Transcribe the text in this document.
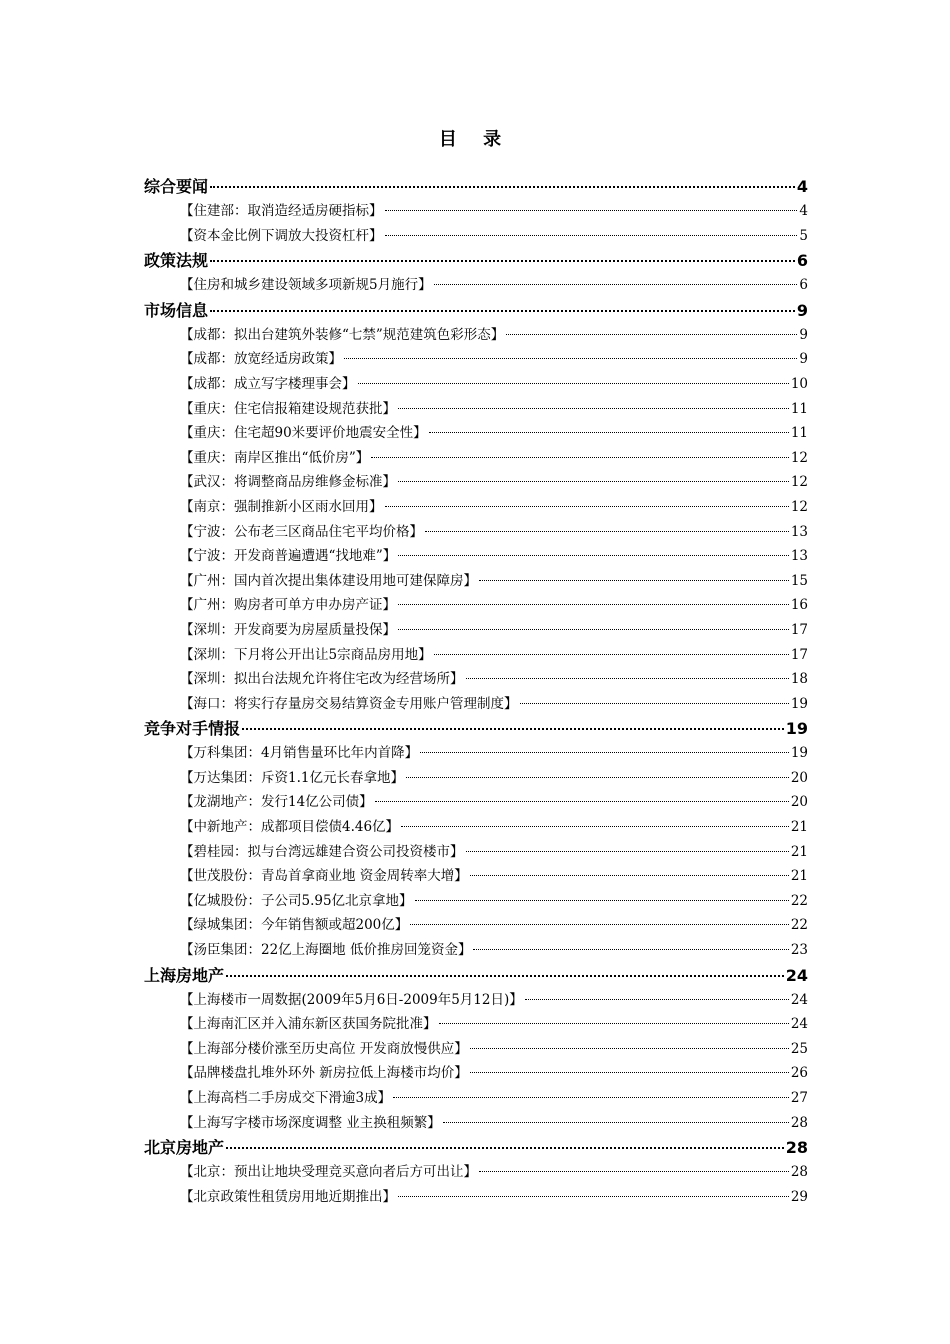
目 录
综合要闻	4
【住建部：取消造经适房硬指标】	4
【资本金比例下调放大投资杠杆】	5
政策法规	6
【住房和城乡建设领域多项新规5月施行】	6
市场信息	9
【成都：拟出台建筑外装修“七禁”规范建筑色彩形态】	9
【成都：放宽经适房政策】	9
【成都：成立写字楼理事会】	10
【重庆：住宅信报箱建设规范获批】	11
【重庆：住宅超90米要评价地震安全性】	11
【重庆：南岸区推出“低价房”】	12
【武汉：将调整商品房维修金标准】	12
【南京：强制推新小区雨水回用】	12
【宁波：公布老三区商品住宅平均价格】	13
【宁波：开发商普遍遭遇“找地难”】	13
【广州：国内首次提出集体建设用地可建保障房】	15
【广州：购房者可单方申办房产证】	16
【深圳：开发商要为房屋质量投保】	17
【深圳：下月将公开出让5宗商品房用地】	17
【深圳：拟出台法规允许将住宅改为经营场所】	18
【海口：将实行存量房交易结算资金专用账户管理制度】	19
竞争对手情报	19
【万科集团：4月销售量环比年内首降】	19
【万达集团：斥资1.1亿元长春拿地】	20
【龙湖地产：发行14亿公司债】	20
【中新地产：成都项目偿债4.46亿】	21
【碧桂园：拟与台湾远雄建合资公司投资楼市】	21
【世茂股份：青岛首拿商业地 资金周转率大增】	21
【亿城股份：子公司5.95亿北京拿地】	22
【绿城集团：今年销售额或超200亿】	22
【汤臣集团：22亿上海圈地 低价推房回笼资金】	23
上海房地产	24
【上海楼市一周数据(2009年5月6日-2009年5月12日)】	24
【上海南汇区并入浦东新区获国务院批准】	24
【上海部分楼价涨至历史高位 开发商放慢供应】	25
【品牌楼盘扎堆外环外 新房拉低上海楼市均价】	26
【上海高档二手房成交下滑逾3成】	27
【上海写字楼市场深度调整 业主换租频繁】	28
北京房地产	28
【北京：预出让地块受理竞买意向者后方可出让】	28
【北京政策性租赁房用地近期推出】	29
